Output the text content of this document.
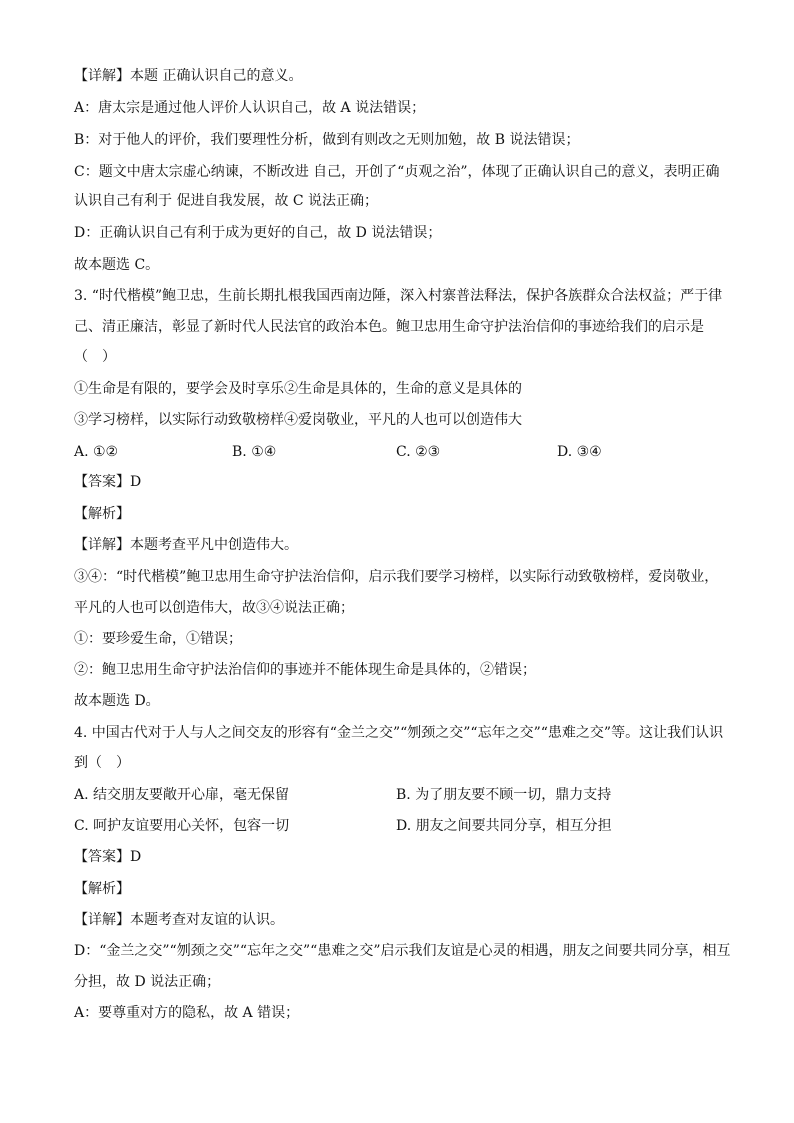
【详解】本题 正确认识自己的意义。
A：唐太宗是通过他人评价人认识自己，故 A 说法错误；
B：对于他人的评价，我们要理性分析，做到有则改之无则加勉，故 B 说法错误；
C：题文中唐太宗虚心纳谏，不断改进 自己，开创了“贞观之治”，体现了正确认识自己的意义，表明正确
认识自己有利于 促进自我发展，故 C 说法正确；
D：正确认识自己有利于成为更好的自己，故 D 说法错误；
故本题选 C。
3. “时代楷模”鲍卫忠，生前长期扎根我国西南边陲，深入村寨普法释法，保护各族群众合法权益；严于律
己、清正廉洁，彰显了新时代人民法官的政治本色。鲍卫忠用生命守护法治信仰的事迹给我们的启示是
（　）
①生命是有限的，要学会及时享乐②生命是具体的，生命的意义是具体的
③学习榜样，以实际行动致敬榜样④爱岗敬业，平凡的人也可以创造伟大
A. ①②	B. ①④	C. ②③	D. ③④
【答案】D
【解析】
【详解】本题考查平凡中创造伟大。
③④：“时代楷模”鲍卫忠用生命守护法治信仰，启示我们要学习榜样，以实际行动致敬榜样，爱岗敬业，
平凡的人也可以创造伟大，故③④说法正确；
①：要珍爱生命，①错误；
②：鲍卫忠用生命守护法治信仰的事迹并不能体现生命是具体的，②错误；
故本题选 D。
4. 中国古代对于人与人之间交友的形容有“金兰之交”“刎颈之交”“忘年之交”“患难之交”等。这让我们认识
到（　）
A. 结交朋友要敞开心扉，毫无保留	B. 为了朋友要不顾一切，鼎力支持
C. 呵护友谊要用心关怀，包容一切	D. 朋友之间要共同分享，相互分担
【答案】D
【解析】
【详解】本题考查对友谊的认识。
D：“金兰之交”“刎颈之交”“忘年之交”“患难之交”启示我们友谊是心灵的相遇，朋友之间要共同分享，相互
分担，故 D 说法正确；
A：要尊重对方的隐私，故 A 错误；
